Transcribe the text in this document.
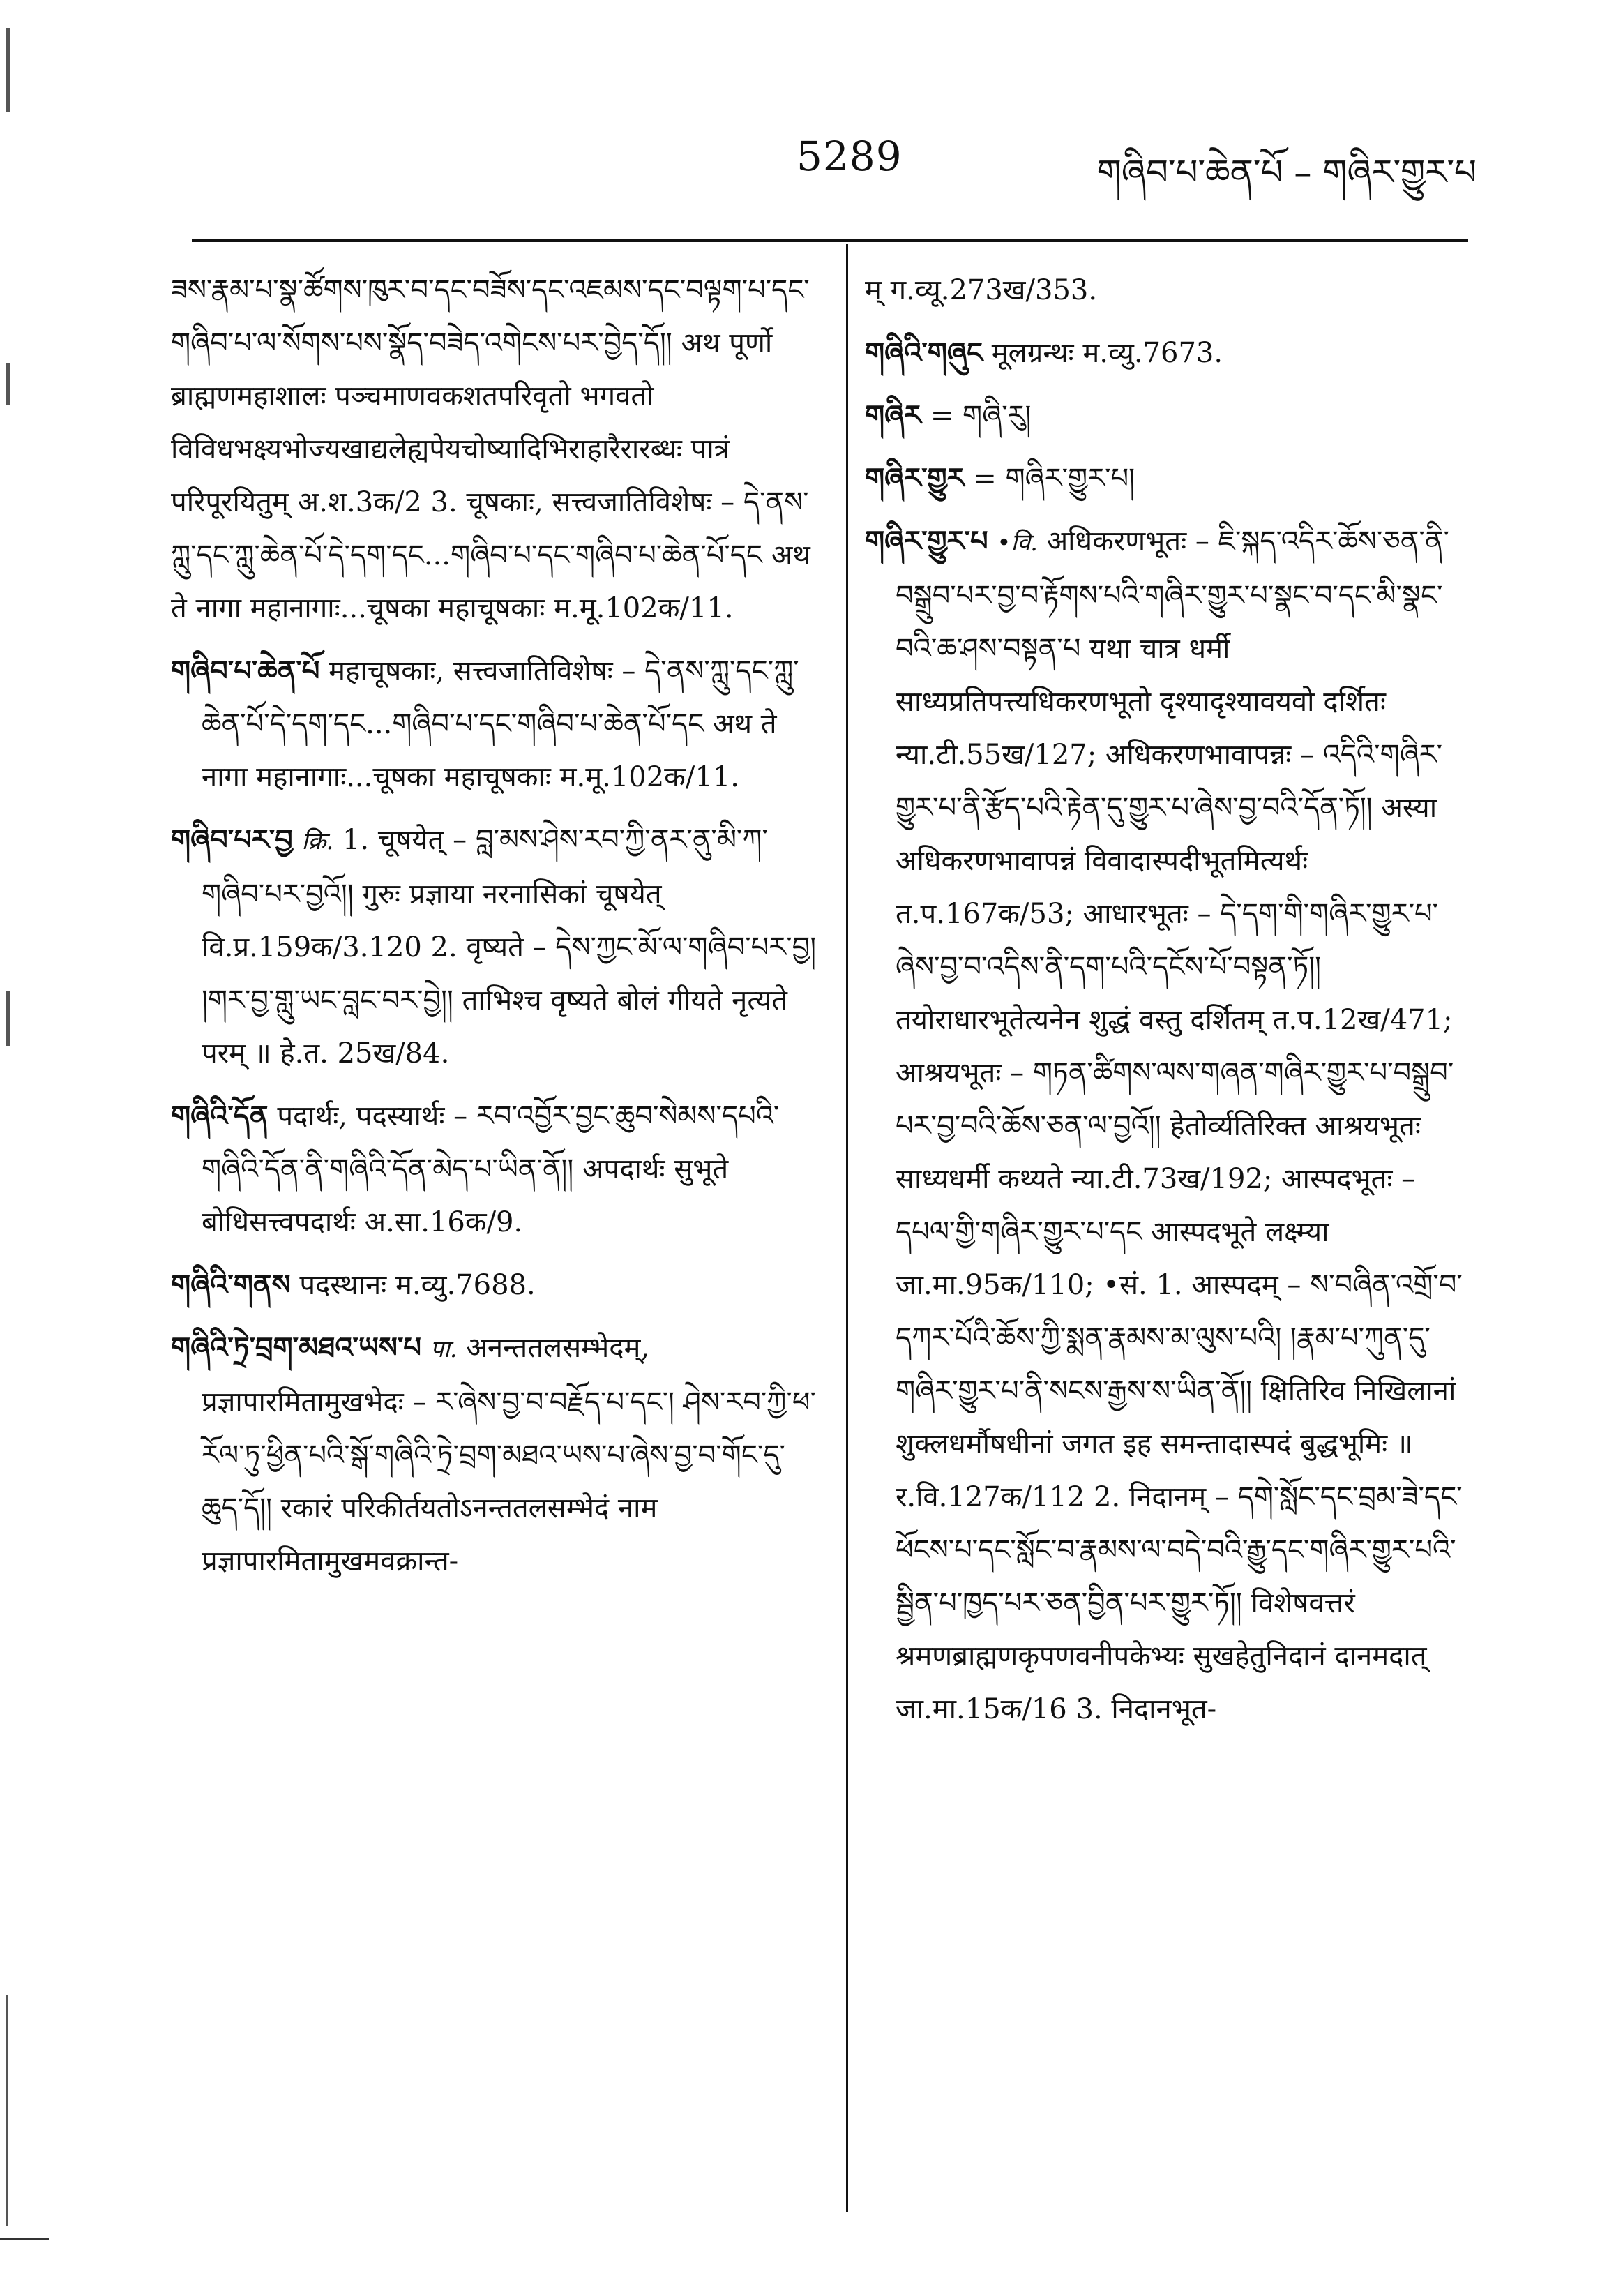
5289	གཞིབ་པ་ཆེན་པོ – གཞིར་གྱུར་པ

ཟས་རྣམ་པ་སྣ་ཚོགས་ཁུར་བ་དང་བཟོས་དང་འཇམས་དང་བལྟག་པ་དང་གཞིབ་པ་ལ་སོགས་པས་སྣོད་བཟེད་འགེངས་པར་བྱེད་དོ།། अथ पूर्णो ब्राह्मणमहाशालः पञ्चमाणवकशतपरिवृतो भगवतो विविधभक्ष्यभोज्यखाद्यलेह्यपेयचोष्यादिभिराहारैरारब्धः पात्रं परिपूरयितुम् अ.श.3क/2 3. चूषकाः, सत्त्वजातिविशेषः – དེ་ནས་ཀླུ་དང་ཀླུ་ཆེན་པོ་དེ་དག་དང...གཞིབ་པ་དང་གཞིབ་པ་ཆེན་པོ་དང अथ ते नागा महानागाः...चूषका महाचूषकाः म.मू.102क/11.

གཞིབ་པ་ཆེན་པོ महाचूषकाः, सत्त्वजातिविशेषः – དེ་ནས་ཀླུ་དང་ཀླུ་ཆེན་པོ་དེ་དག་དང...གཞིབ་པ་དང་གཞིབ་པ་ཆེན་པོ་དང अथ ते नागा महानागाः...चूषका महाचूषकाः म.मू.102क/11.

གཞིབ་པར་བྱ क्रि. 1. चूषयेत् – བླ་མས་ཤེས་རབ་ཀྱི་ནར་ནུ་མི་ཀ་གཞིབ་པར་བྱའོ།། गुरुः प्रज्ञाया नरनासिकां चूषयेत् वि.प्र.159क/3.120 2. वृष्यते – དེས་ཀྱང་མོ་ལ་གཞིབ་པར་བྱ། །གར་བྱ་གླུ་ཡང་བླང་བར་བྱེ།། ताभिश्च वृष्यते बोलं गीयते नृत्यते परम् ॥ हे.त. 25ख/84.

གཞིའི་དོན पदार्थः, पदस्यार्थः – རབ་འབྱོར་བྱང་ཆུབ་སེམས་དཔའི་གཞིའི་དོན་ནི་གཞིའི་དོན་མེད་པ་ཡིན་ནོ།། अपदार्थः सुभूते बोधिसत्त्वपदार्थः अ.सा.16क/9.

གཞིའི་གནས पदस्थानः म.व्यु.7688.

གཞིའི་ཏྲེ་བྲག་མཐའ་ཡས་པ पा. अनन्ततलसम्भेदम्, प्रज्ञापारमितामुखभेदः – ར་ཞེས་བྱ་བ་བརྗོད་པ་དང་། ཤེས་རབ་ཀྱི་ཕ་རོལ་ཏུ་ཕྱིན་པའི་སྒོ་གཞིའི་ཏྲེ་བྲག་མཐའ་ཡས་པ་ཞེས་བྱ་བ་གོང་དུ་ཆུད་དོ།། रकारं परिकीर्तयतोऽनन्ततलसम्भेदं नाम प्रज्ञापारमितामुखमवक्रान्त-

म् ग.व्यू.273ख/353.

གཞིའི་གཞུང मूलग्रन्थः म.व्यु.7673.

གཞིར = གཞི་རུ།

གཞིར་གྱུར = གཞིར་གྱུར་པ།

གཞིར་གྱུར་པ •वि. अधिकरणभूतः – ཇི་སྐད་འདིར་ཆོས་ཅན་ནི་བསྒྲུབ་པར་བྱ་བ་རྟོགས་པའི་གཞིར་གྱུར་པ་སྣང་བ་དང་མི་སྣང་བའི་ཆ་ཤས་བསྟན་པ यथा चात्र धर्मी साध्यप्रतिपत्त्यधिकरणभूतो दृश्यादृश्यावयवो दर्शितः न्या.टी.55ख/127; अधिकरणभावापन्नः – འདིའི་གཞིར་གྱུར་པ་ནི་རྩོད་པའི་རྟེན་དུ་གྱུར་པ་ཞེས་བྱ་བའི་དོན་ཏོ།། अस्या अधिकरणभावापन्नं विवादास्पदीभूतमित्यर्थः त.प.167क/53; आधारभूतः – དེ་དག་གི་གཞིར་གྱུར་པ་ཞེས་བྱ་བ་འདིས་ནི་དག་པའི་དངོས་པོ་བསྟན་ཏོ།། तयोराधारभूतेत्यनेन शुद्धं वस्तु दर्शितम् त.प.12ख/471; आश्रयभूतः – གཏན་ཚིགས་ལས་གཞན་གཞིར་གྱུར་པ་བསྒྲུབ་པར་བྱ་བའི་ཆོས་ཅན་ལ་བྱའོ།། हेतोर्व्यतिरिक्त आश्रयभूतः साध्यधर्मी कथ्यते न्या.टी.73ख/192; आस्पदभूतः – དཔལ་གྱི་གཞིར་གྱུར་པ་དང आस्पदभूते लक्ष्म्या जा.मा.95क/110; •सं. 1. आस्पदम् – ས་བཞིན་འགྲོ་བ་དཀར་པོའི་ཆོས་ཀྱི་སྨན་རྣམས་མ་ལུས་པའི། །རྣམ་པ་ཀུན་དུ་གཞིར་གྱུར་པ་ནི་སངས་རྒྱས་ས་ཡིན་ནོ།། क्षितिरिव निखिलानां शुक्लधर्मौषधीनां जगत इह समन्तादास्पदं बुद्धभूमिः ॥ र.वि.127क/112 2. निदानम् – དགེ་སློང་དང་བྲམ་ཟེ་དང་ཕོངས་པ་དང་སློང་བ་རྣམས་ལ་བདེ་བའི་རྒྱུ་དང་གཞིར་གྱུར་པའི་སྦྱིན་པ་ཁྱད་པར་ཅན་བྱིན་པར་གྱུར་ཏོ།། विशेषवत्तरं श्रमणब्राह्मणकृपणवनीपकेभ्यः सुखहेतुनिदानं दानमदात् जा.मा.15क/16 3. निदानभूत-
